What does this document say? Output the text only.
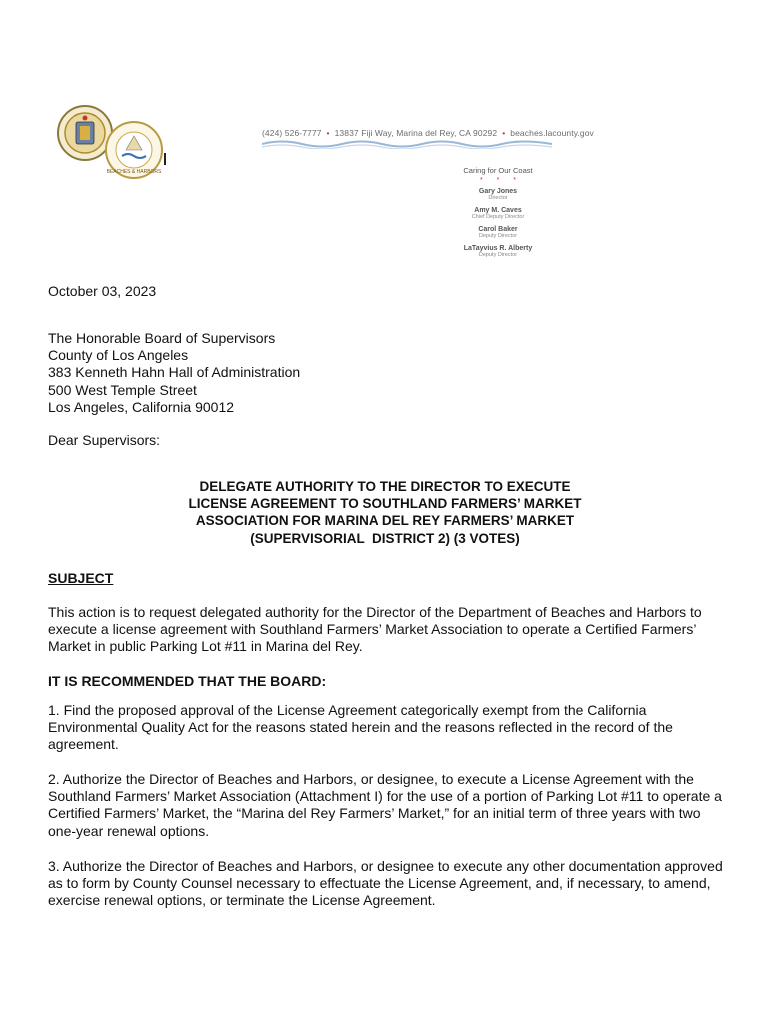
BEACHES & HARBORS
(424) 526-7777 • 13837 Fiji Way, Marina del Rey, CA 90292 • beaches.lacounty.gov

Caring for Our Coast

* * *
Gary Jones
Director
Amy M. Caves
Chief Deputy Director
Carol Baker
Deputy Director
LaTayvius R. Alberty
Deputy Director
October 03, 2023
The Honorable Board of Supervisors
County of Los Angeles
383 Kenneth Hahn Hall of Administration
500 West Temple Street
Los Angeles, California 90012
Dear Supervisors:
DELEGATE AUTHORITY TO THE DIRECTOR TO EXECUTE
LICENSE AGREEMENT TO SOUTHLAND FARMERS’ MARKET
ASSOCIATION FOR MARINA DEL REY FARMERS’ MARKET
(SUPERVISORIAL  DISTRICT 2) (3 VOTES)
SUBJECT
This action is to request delegated authority for the Director of the Department of Beaches and Harbors to execute a license agreement with Southland Farmers’ Market Association to operate a Certified Farmers’ Market in public Parking Lot #11 in Marina del Rey.
IT IS RECOMMENDED THAT THE BOARD:
1. Find the proposed approval of the License Agreement categorically exempt from the California Environmental Quality Act for the reasons stated herein and the reasons reflected in the record of the agreement.
2. Authorize the Director of Beaches and Harbors, or designee, to execute a License Agreement with the Southland Farmers’ Market Association (Attachment I) for the use of a portion of Parking Lot #11 to operate a Certified Farmers’ Market, the “Marina del Rey Farmers’ Market,” for an initial term of three years with two one-year renewal options.
3. Authorize the Director of Beaches and Harbors, or designee to execute any other documentation approved as to form by County Counsel necessary to effectuate the License Agreement, and, if necessary, to amend, exercise renewal options, or terminate the License Agreement.
